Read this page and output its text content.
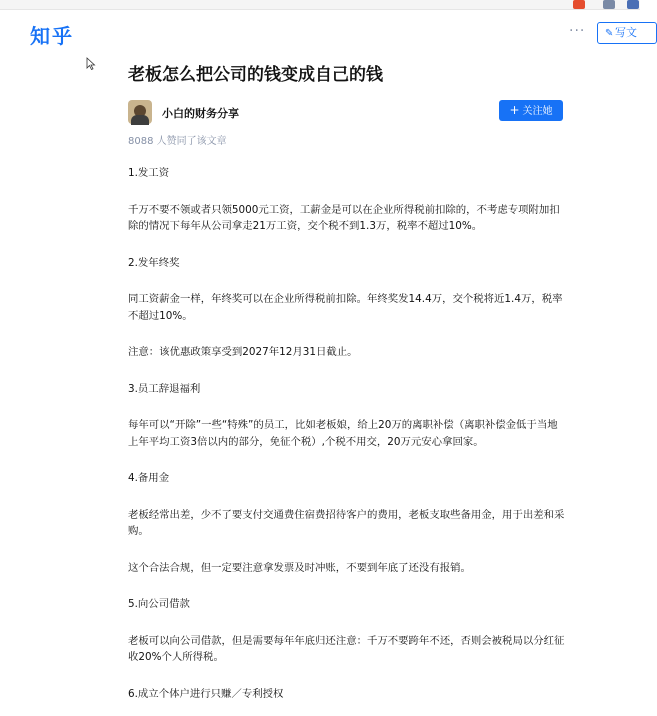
知乎	···	✎ 写文
老板怎么把公司的钱变成自己的钱
小白的财务分享	+ 关注她
8088 人赞同了该文章
1.发工资
千万不要不领或者只领5000元工资，工薪金是可以在企业所得税前扣除的，不考虑专项附加扣除的情况下每年从公司拿走21万工资，交个税不到1.3万，税率不超过10%。
2.发年终奖
同工资薪金一样，年终奖可以在企业所得税前扣除。年终奖发14.4万，交个税将近1.4万，税率不超过10%。
注意：该优惠政策享受到2027年12月31日截止。
3.员工辞退福利
每年可以“开除”一些“特殊”的员工，比如老板娘，给上20万的离职补偿（离职补偿金低于当地上年平均工资3倍以内的部分，免征个税）,个税不用交，20万元安心拿回家。
4.备用金
老板经常出差，少不了要支付交通费住宿费招待客户的费用，老板支取些备用金，用于出差和采购。
这个合法合规，但一定要注意拿发票及时冲账，不要到年底了还没有报销。
5.向公司借款
老板可以向公司借款，但是需要每年年底归还注意：千万不要跨年不还，否则会被税局以分红征收20%个人所得税。
6.成立个体户进行只赚／专利授权
